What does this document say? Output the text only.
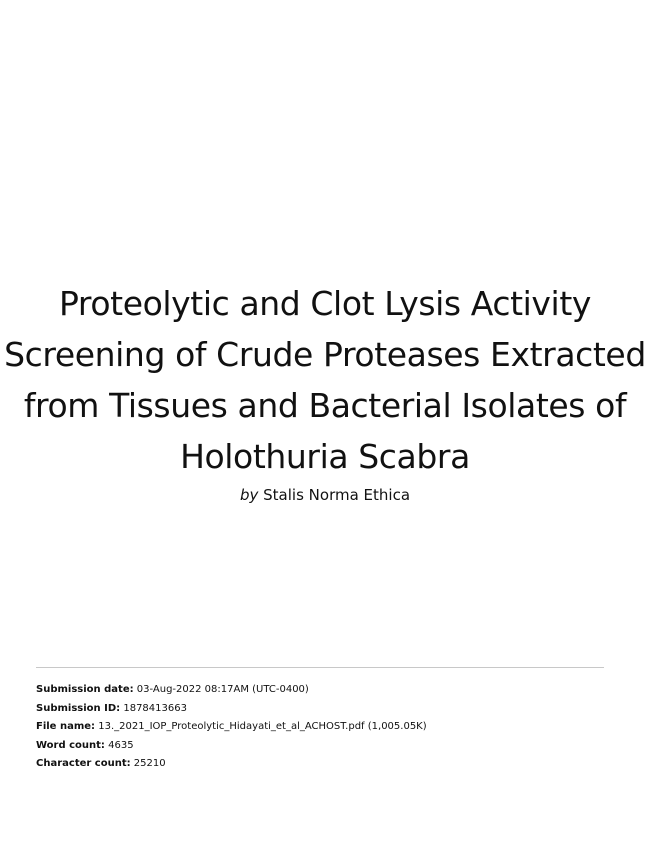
Proteolytic and Clot Lysis Activity Screening of Crude Proteases Extracted from Tissues and Bacterial Isolates of Holothuria Scabra
by Stalis Norma Ethica
Submission date: 03-Aug-2022 08:17AM (UTC-0400)
Submission ID: 1878413663
File name: 13._2021_IOP_Proteolytic_Hidayati_et_al_ACHOST.pdf (1,005.05K)
Word count: 4635
Character count: 25210
